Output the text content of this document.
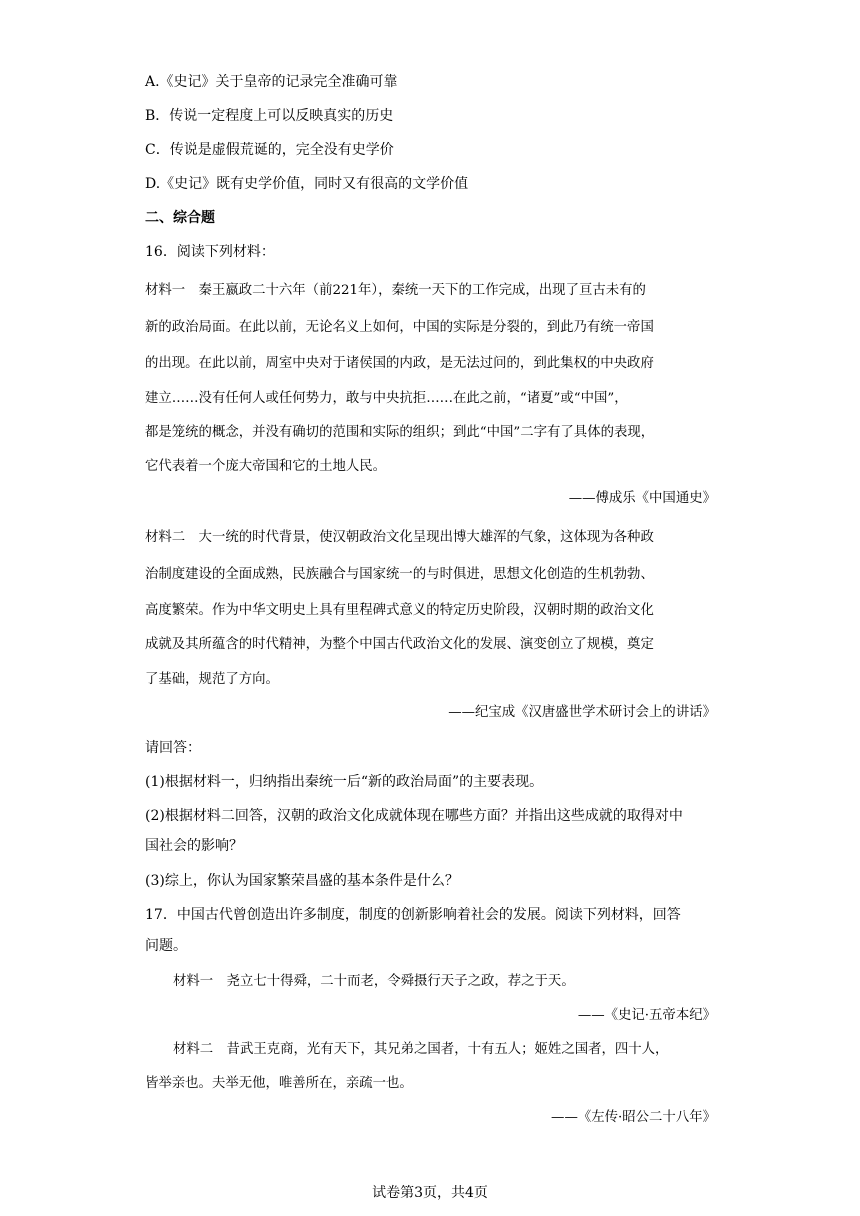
A.《史记》关于皇帝的记录完全准确可靠
B．传说一定程度上可以反映真实的历史
C．传说是虚假荒诞的，完全没有史学价
D.《史记》既有史学价值，同时又有很高的文学价值
二、综合题
16．阅读下列材料：
材料一　秦王嬴政二十六年（前221年），秦统一天下的工作完成，出现了亘古未有的
新的政治局面。在此以前，无论名义上如何，中国的实际是分裂的，到此乃有统一帝国
的出现。在此以前，周室中央对于诸侯国的内政，是无法过问的，到此集权的中央政府
建立……没有任何人或任何势力，敢与中央抗拒……在此之前，“诸夏”或“中国”，
都是笼统的概念，并没有确切的范围和实际的组织；到此“中国”二字有了具体的表现，
它代表着一个庞大帝国和它的土地人民。
——傅成乐《中国通史》
材料二　大一统的时代背景，使汉朝政治文化呈现出博大雄浑的气象，这体现为各种政
治制度建设的全面成熟，民族融合与国家统一的与时俱进，思想文化创造的生机勃勃、
高度繁荣。作为中华文明史上具有里程碑式意义的特定历史阶段，汉朝时期的政治文化
成就及其所蕴含的时代精神，为整个中国古代政治文化的发展、演变创立了规模，奠定
了基础，规范了方向。
——纪宝成《汉唐盛世学术研讨会上的讲话》
请回答：
(1)根据材料一，归纳指出秦统一后“新的政治局面”的主要表现。
(2)根据材料二回答，汉朝的政治文化成就体现在哪些方面？并指出这些成就的取得对中
国社会的影响？
(3)综上，你认为国家繁荣昌盛的基本条件是什么？
17．中国古代曾创造出许多制度，制度的创新影响着社会的发展。阅读下列材料，回答
问题。
材料一　尧立七十得舜，二十而老，令舜摄行天子之政，荐之于天。
——《史记·五帝本纪》
材料二　昔武王克商，光有天下，其兄弟之国者，十有五人；姬姓之国者，四十人，
皆举亲也。夫举无他，唯善所在，亲疏一也。
——《左传·昭公二十八年》
试卷第3页，共4页
